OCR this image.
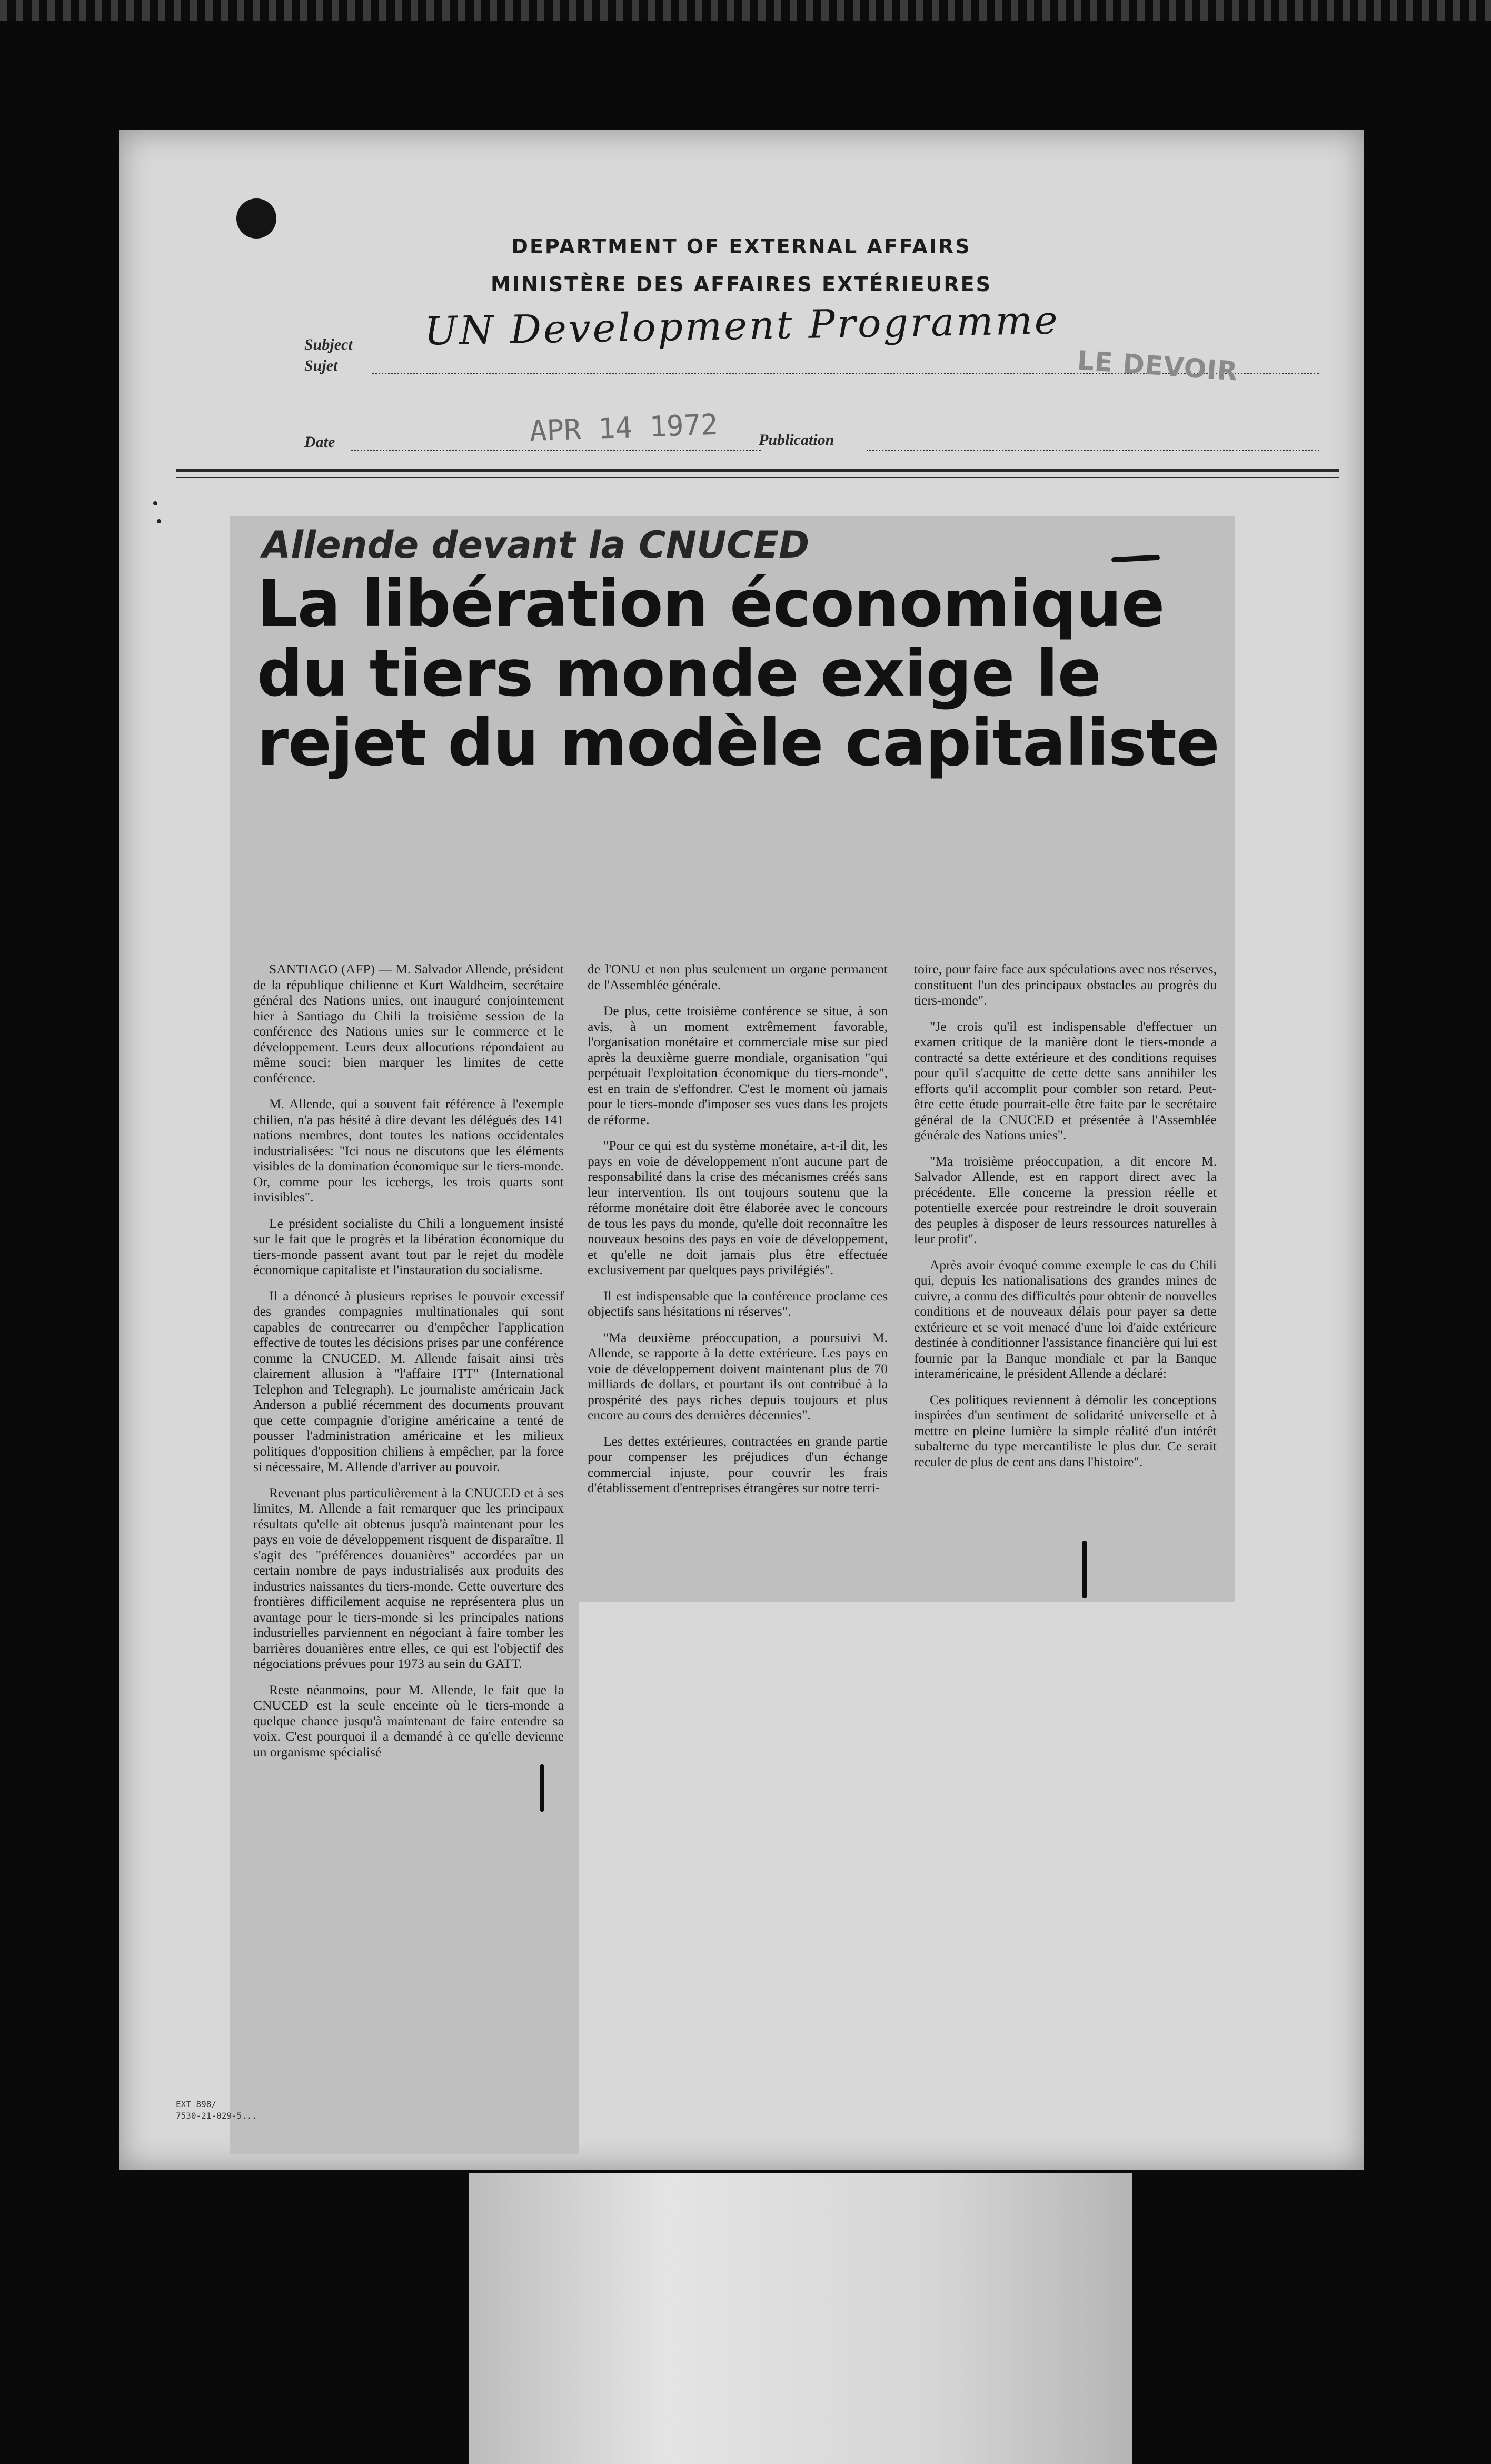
DEPARTMENT OF EXTERNAL AFFAIRS
MINISTÈRE DES AFFAIRES EXTÉRIEURES
Subject
Sujet
UN Development Programme
LE DEVOIR
Date	APR 14 1972	Publication
Allende devant la CNUCED
La libération économique du tiers monde exige le rejet du modèle capitaliste

SANTIAGO (AFP) — M. Salvador Allende, président de la république chilienne et Kurt Waldheim, secrétaire général des Nations unies, ont inauguré conjointement hier à Santiago du Chili la troisième session de la conférence des Nations unies sur le commerce et le développement. Leurs deux allocutions répondaient au même souci: bien marquer les limites de cette conférence.

M. Allende, qui a souvent fait référence à l'exemple chilien, n'a pas hésité à dire devant les délégués des 141 nations membres, dont toutes les nations occidentales industrialisées: "Ici nous ne discutons que les éléments visibles de la domination économique sur le tiers-monde. Or, comme pour les icebergs, les trois quarts sont invisibles".

Le président socialiste du Chili a longuement insisté sur le fait que le progrès et la libération économique du tiers-monde passent avant tout par le rejet du modèle économique capitaliste et l'instauration du socialisme.

Il a dénoncé à plusieurs reprises le pouvoir excessif des grandes compagnies multinationales qui sont capables de contrecarrer ou d'empêcher l'application effective de toutes les décisions prises par une conférence comme la CNUCED. M. Allende faisait ainsi très clairement allusion à "l'affaire ITT" (International Telephon and Telegraph). Le journaliste américain Jack Anderson a publié récemment des documents prouvant que cette compagnie d'origine américaine a tenté de pousser l'administration américaine et les milieux politiques d'opposition chiliens à empêcher, par la force si nécessaire, M. Allende d'arriver au pouvoir.

Revenant plus particulièrement à la CNUCED et à ses limites, M. Allende a fait remarquer que les principaux résultats qu'elle ait obtenus jusqu'à maintenant pour les pays en voie de développement risquent de disparaître. Il s'agit des "préférences douanières" accordées par un certain nombre de pays industrialisés aux produits des industries naissantes du tiers-monde. Cette ouverture des frontières difficilement acquise ne représentera plus un avantage pour le tiers-monde si les principales nations industrielles parviennent en négociant à faire tomber les barrières douanières entre elles, ce qui est l'objectif des négociations prévues pour 1973 au sein du GATT.

Reste néanmoins, pour M. Allende, le fait que la CNUCED est la seule enceinte où le tiers-monde a quelque chance jusqu'à maintenant de faire entendre sa voix. C'est pourquoi il a demandé à ce qu'elle devienne un organisme spécialisé

de l'ONU et non plus seulement un organe permanent de l'Assemblée générale.

De plus, cette troisième conférence se situe, à son avis, à un moment extrêmement favorable, l'organisation monétaire et commerciale mise sur pied après la deuxième guerre mondiale, organisation "qui perpétuait l'exploitation économique du tiers-monde", est en train de s'effondrer. C'est le moment où jamais pour le tiers-monde d'imposer ses vues dans les projets de réforme.

"Pour ce qui est du système monétaire, a-t-il dit, les pays en voie de développement n'ont aucune part de responsabilité dans la crise des mécanismes créés sans leur intervention. Ils ont toujours soutenu que la réforme monétaire doit être élaborée avec le concours de tous les pays du monde, qu'elle doit reconnaître les nouveaux besoins des pays en voie de développement, et qu'elle ne doit jamais plus être effectuée exclusivement par quelques pays privilégiés".

Il est indispensable que la conférence proclame ces objectifs sans hésitations ni réserves".

"Ma deuxième préoccupation, a poursuivi M. Allende, se rapporte à la dette extérieure. Les pays en voie de développement doivent maintenant plus de 70 milliards de dollars, et pourtant ils ont contribué à la prospérité des pays riches depuis toujours et plus encore au cours des dernières décennies".

Les dettes extérieures, contractées en grande partie pour compenser les préjudices d'un échange commercial injuste, pour couvrir les frais d'établissement d'entreprises étrangères sur notre terri-

toire, pour faire face aux spéculations avec nos réserves, constituent l'un des principaux obstacles au progrès du tiers-monde".

"Je crois qu'il est indispensable d'effectuer un examen critique de la manière dont le tiers-monde a contracté sa dette extérieure et des conditions requises pour qu'il s'acquitte de cette dette sans annihiler les efforts qu'il accomplit pour combler son retard. Peut-être cette étude pourrait-elle être faite par le secrétaire général de la CNUCED et présentée à l'Assemblée générale des Nations unies".

"Ma troisième préoccupation, a dit encore M. Salvador Allende, est en rapport direct avec la précédente. Elle concerne la pression réelle et potentielle exercée pour restreindre le droit souverain des peuples à disposer de leurs ressources naturelles à leur profit".

Après avoir évoqué comme exemple le cas du Chili qui, depuis les nationalisations des grandes mines de cuivre, a connu des difficultés pour obtenir de nouvelles conditions et de nouveaux délais pour payer sa dette extérieure et se voit menacé d'une loi d'aide extérieure destinée à conditionner l'assistance financière qui lui est fournie par la Banque mondiale et par la Banque interaméricaine, le président Allende a déclaré:

Ces politiques reviennent à démolir les conceptions inspirées d'un sentiment de solidarité universelle et à mettre en pleine lumière la simple réalité d'un intérêt subalterne du type mercantiliste le plus dur. Ce serait reculer de plus de cent ans dans l'histoire".

EXT 898/
7530-21-029-5...
